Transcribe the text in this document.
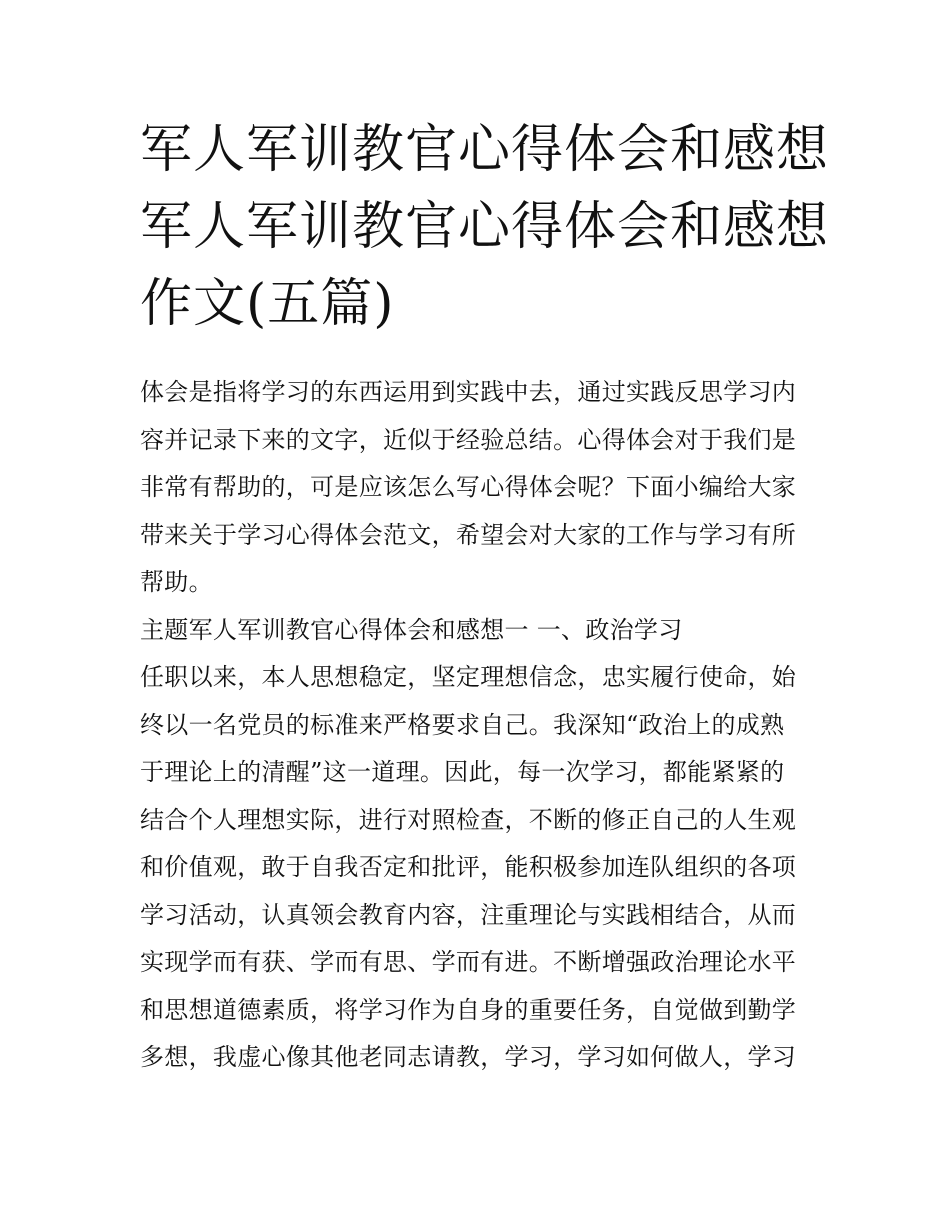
军人军训教官心得体会和感想
军人军训教官心得体会和感想
作文(五篇)
体会是指将学习的东西运用到实践中去，通过实践反思学习内
容并记录下来的文字，近似于经验总结。心得体会对于我们是
非常有帮助的，可是应该怎么写心得体会呢？下面小编给大家
带来关于学习心得体会范文，希望会对大家的工作与学习有所
帮助。
主题军人军训教官心得体会和感想一 一、政治学习
任职以来，本人思想稳定，坚定理想信念，忠实履行使命，始
终以一名党员的标准来严格要求自己。我深知“政治上的成熟
于理论上的清醒”这一道理。因此，每一次学习，都能紧紧的
结合个人理想实际，进行对照检查，不断的修正自己的人生观
和价值观，敢于自我否定和批评，能积极参加连队组织的各项
学习活动，认真领会教育内容，注重理论与实践相结合，从而
实现学而有获、学而有思、学而有进。不断增强政治理论水平
和思想道德素质，将学习作为自身的重要任务，自觉做到勤学
多想，我虚心像其他老同志请教，学习，学习如何做人，学习
